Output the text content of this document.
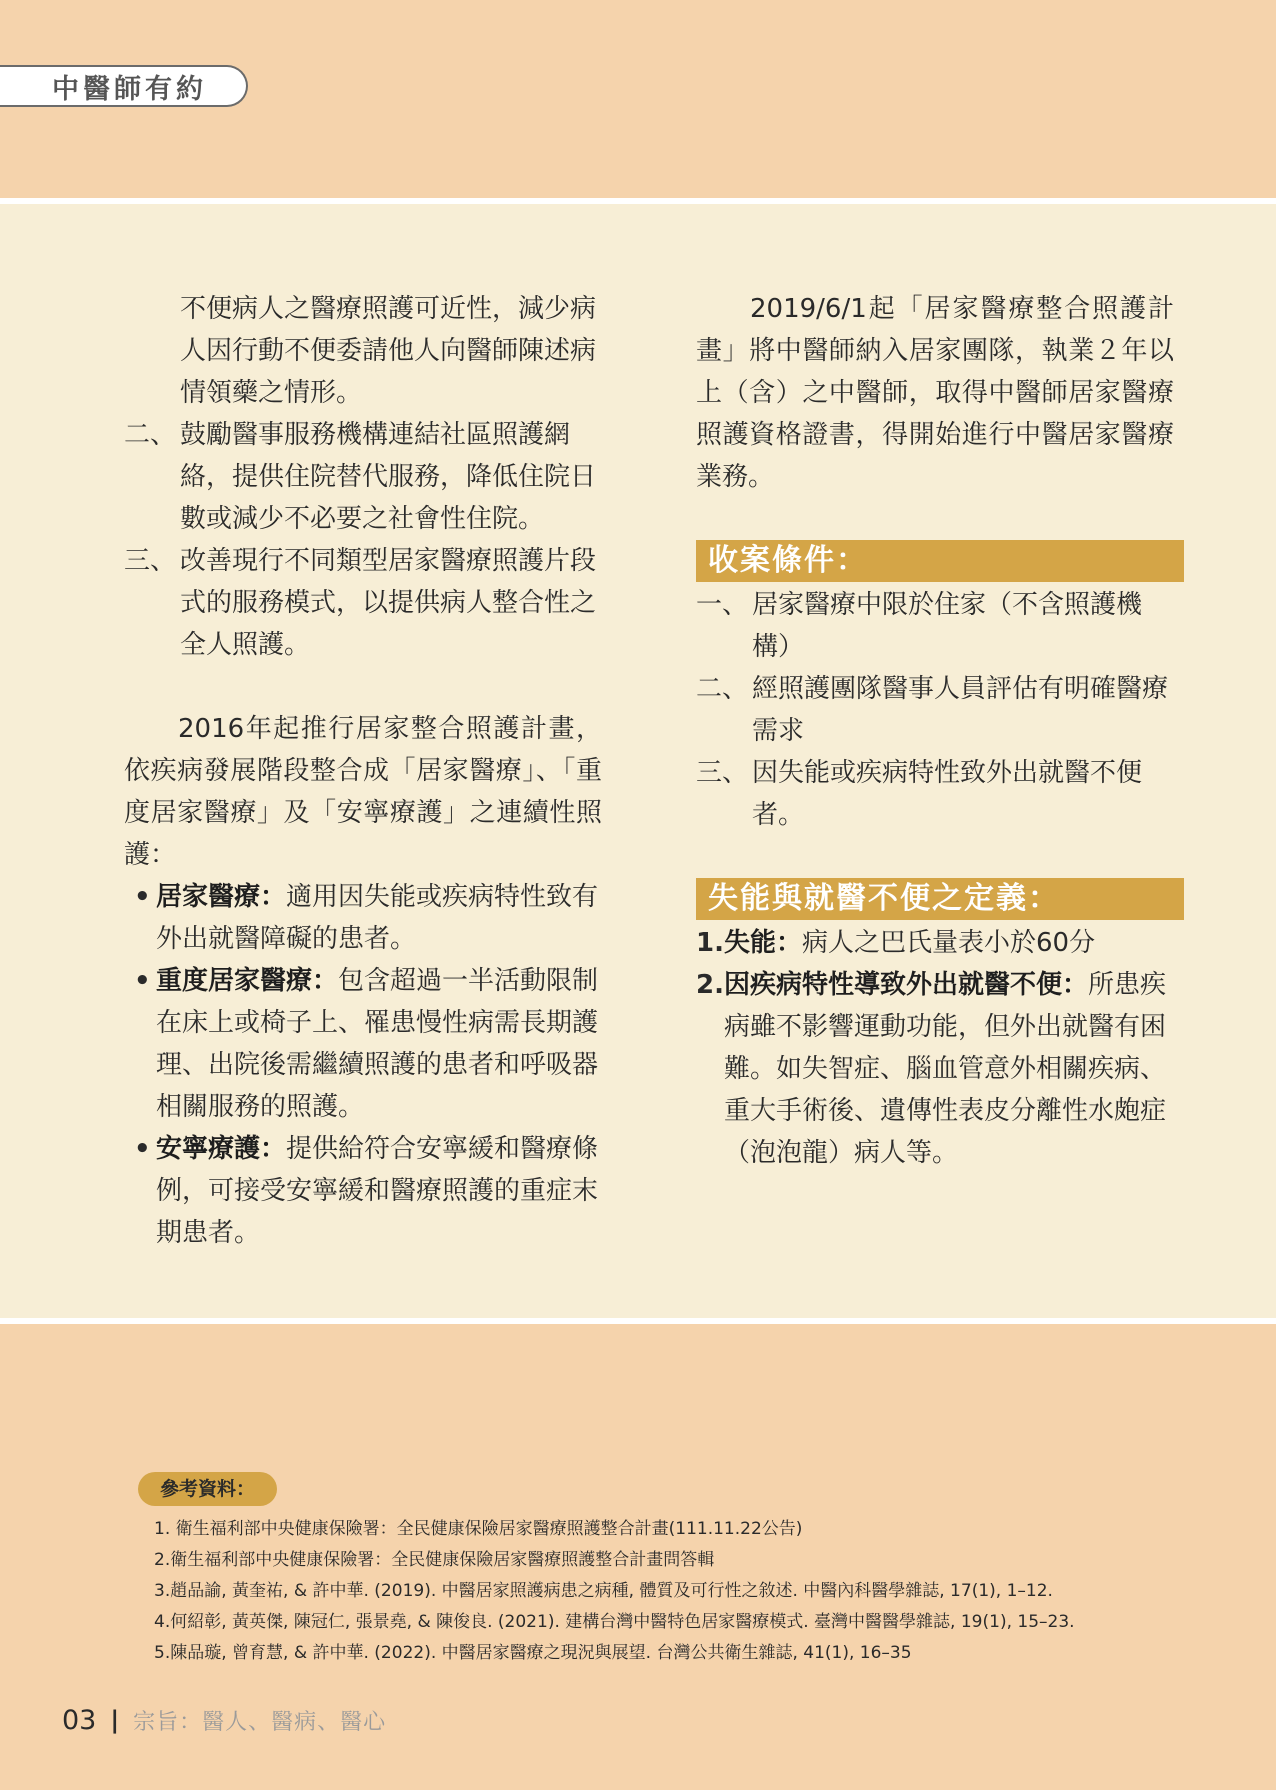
中醫師有約

不便病人之醫療照護可近性，減少病人因行動不便委請他人向醫師陳述病情領藥之情形。

二、 鼓勵醫事服務機構連結社區照護網絡，提供住院替代服務，降低住院日數或減少不必要之社會性住院。
三、 改善現行不同類型居家醫療照護片段式的服務模式，以提供病人整合性之全人照護。

2016年起推行居家整合照護計畫，依疾病發展階段整合成「居家醫療」、「重度居家醫療」及「安寧療護」之連續性照護：

• 居家醫療：適用因失能或疾病特性致有外出就醫障礙的患者。
• 重度居家醫療：包含超過一半活動限制在床上或椅子上、罹患慢性病需長期護理、出院後需繼續照護的患者和呼吸器相關服務的照護。
• 安寧療護：提供給符合安寧緩和醫療條例，可接受安寧緩和醫療照護的重症末期患者。

2019/6/1起「居家醫療整合照護計畫」將中醫師納入居家團隊，執業２年以上（含）之中醫師，取得中醫師居家醫療照護資格證書，得開始進行中醫居家醫療業務。

收案條件：
一、 居家醫療中限於住家（不含照護機構）
二、 經照護團隊醫事人員評估有明確醫療需求
三、 因失能或疾病特性致外出就醫不便者。
失能與就醫不便之定義：
1. 失能：病人之巴氏量表小於60分
2. 因疾病特性導致外出就醫不便：所患疾病雖不影響運動功能，但外出就醫有困難。如失智症、腦血管意外相關疾病、重大手術後、遺傳性表皮分離性水皰症（泡泡龍）病人等。
參考資料：
1. 衛生福利部中央健康保險署：全民健康保險居家醫療照護整合計畫(111.11.22公告)
2.衛生福利部中央健康保險署：全民健康保險居家醫療照護整合計畫問答輯
3.趙品諭, 黃奎祐, & 許中華. (2019). 中醫居家照護病患之病種, 體質及可行性之敘述. 中醫內科醫學雜誌, 17(1), 1–12.
4.何紹彰, 黃英傑, 陳冠仁, 張景堯, & 陳俊良. (2021). 建構台灣中醫特色居家醫療模式. 臺灣中醫醫學雜誌, 19(1), 15–23.
5.陳品璇, 曾育慧, & 許中華. (2022). 中醫居家醫療之現況與展望. 台灣公共衛生雜誌, 41(1), 16–35
03 | 宗旨：醫人、醫病、醫心
